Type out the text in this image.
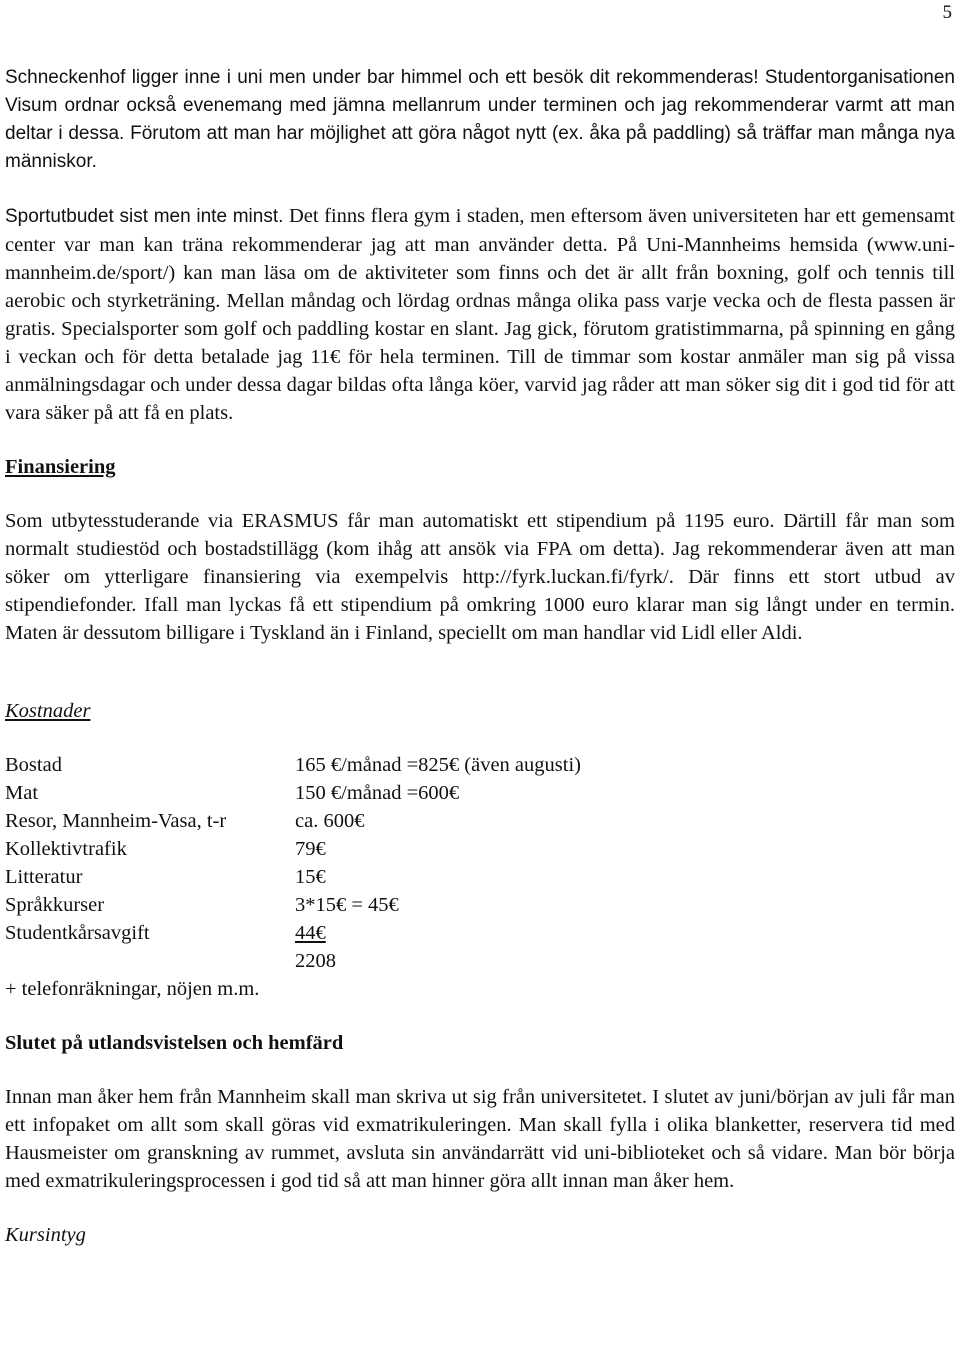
5

Schneckenhof ligger inne i uni men under bar himmel och ett besök dit rekommenderas! Studentorganisationen Visum ordnar också evenemang med jämna mellanrum under terminen och jag rekommenderar varmt att man deltar i dessa. Förutom att man har möjlighet att göra något nytt (ex. åka på paddling) så träffar man många nya människor.

Sportutbudet sist men inte minst. Det finns flera gym i staden, men eftersom även universiteten har ett gemensamt center var man kan träna rekommenderar jag att man använder detta. På Uni-Mannheims hemsida (www.uni-mannheim.de/sport/) kan man läsa om de aktiviteter som finns och det är allt från boxning, golf och tennis till aerobic och styrketräning. Mellan måndag och lördag ordnas många olika pass varje vecka och de flesta passen är gratis. Specialsporter som golf och paddling kostar en slant. Jag gick, förutom gratistimmarna, på spinning en gång i veckan och för detta betalade jag 11€ för hela terminen. Till de timmar som kostar anmäler man sig på vissa anmälningsdagar och under dessa dagar bildas ofta långa köer, varvid jag råder att man söker sig dit i god tid för att vara säker på att få en plats.

Finansiering

Som utbytesstuderande via ERASMUS får man automatiskt ett stipendium på 1195 euro. Därtill får man som normalt studiestöd och bostadstillägg (kom ihåg att ansök via FPA om detta). Jag rekommenderar även att man söker om ytterligare finansiering via exempelvis http://fyrk.luckan.fi/fyrk/. Där finns ett stort utbud av stipendiefonder. Ifall man lyckas få ett stipendium på omkring 1000 euro klarar man sig långt under en termin. Maten är dessutom billigare i Tyskland än i Finland, speciellt om man handlar vid Lidl eller Aldi.

Kostnader
Bostad	165 €/månad =825€ (även augusti)
Mat	150 €/månad =600€
Resor, Mannheim-Vasa, t-r	ca. 600€
Kollektivtrafik	79€
Litteratur	15€
Språkkurser	3*15€ = 45€
Studentkårsavgift	44€
	2208

+ telefonräkningar, nöjen m.m.

Slutet på utlandsvistelsen och hemfärd

Innan man åker hem från Mannheim skall man skriva ut sig från universitetet. I slutet av juni/början av juli får man ett infopaket om allt som skall göras vid exmatrikuleringen. Man skall fylla i olika blanketter, reservera tid med Hausmeister om granskning av rummet, avsluta sin användarrätt vid uni-biblioteket och så vidare. Man bör börja med exmatrikuleringsprocessen i god tid så att man hinner göra allt innan man åker hem.

Kursintyg
